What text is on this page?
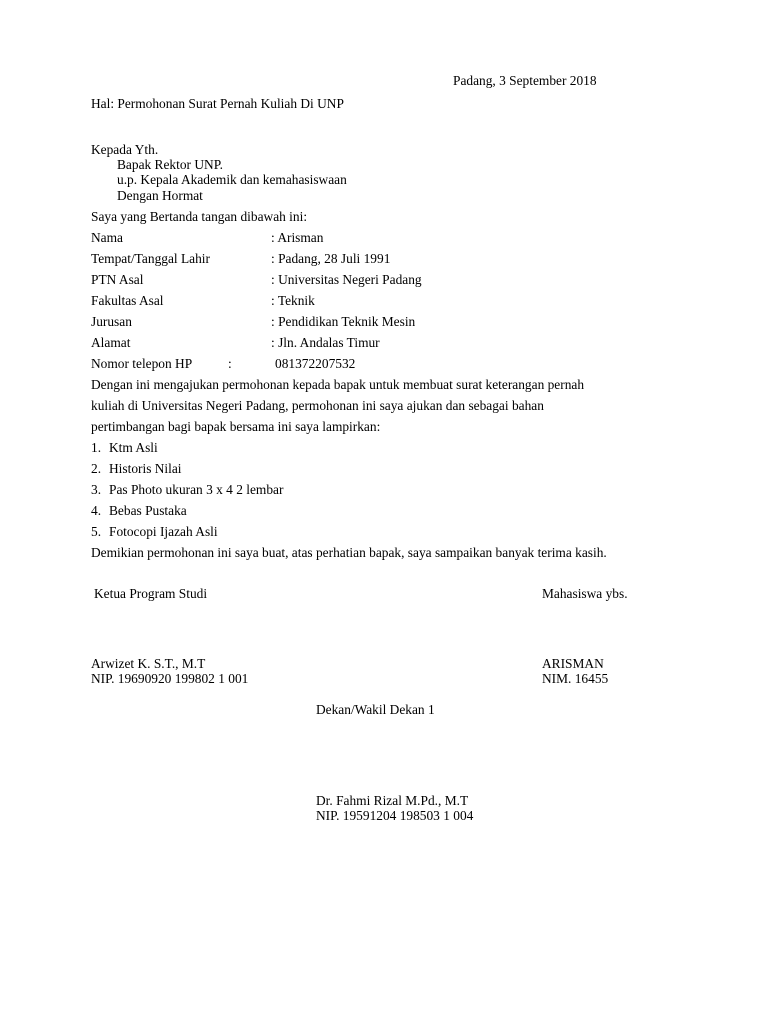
Padang, 3 September 2018
Hal: Permohonan Surat Pernah Kuliah Di UNP
Kepada Yth.
Bapak Rektor UNP.
u.p. Kepala Akademik dan kemahasiswaan
Dengan Hormat
Saya yang Bertanda tangan dibawah ini:
Nama	: Arisman
Tempat/Tanggal Lahir	: Padang, 28 Juli 1991
PTN Asal	: Universitas Negeri Padang
Fakultas Asal	: Teknik
Jurusan	: Pendidikan Teknik Mesin
Alamat	: Jln. Andalas Timur
Nomor telepon HP	:	081372207532
Dengan ini mengajukan permohonan kepada bapak untuk membuat surat keterangan pernah
kuliah di Universitas Negeri Padang, permohonan ini saya ajukan dan sebagai bahan
pertimbangan bagi bapak bersama ini saya lampirkan:
1. Ktm Asli
2. Historis Nilai
3. Pas Photo ukuran 3 x 4 2 lembar
4. Bebas Pustaka
5. Fotocopi Ijazah Asli
Demikian permohonan ini saya buat, atas perhatian bapak, saya sampaikan banyak terima kasih.
Ketua Program Studi	Mahasiswa ybs.
Arwizet K. S.T., M.T
NIP. 19690920 199802 1 001
ARISMAN
NIM. 16455
Dekan/Wakil Dekan 1
Dr. Fahmi Rizal M.Pd., M.T
NIP. 19591204 198503 1 004
